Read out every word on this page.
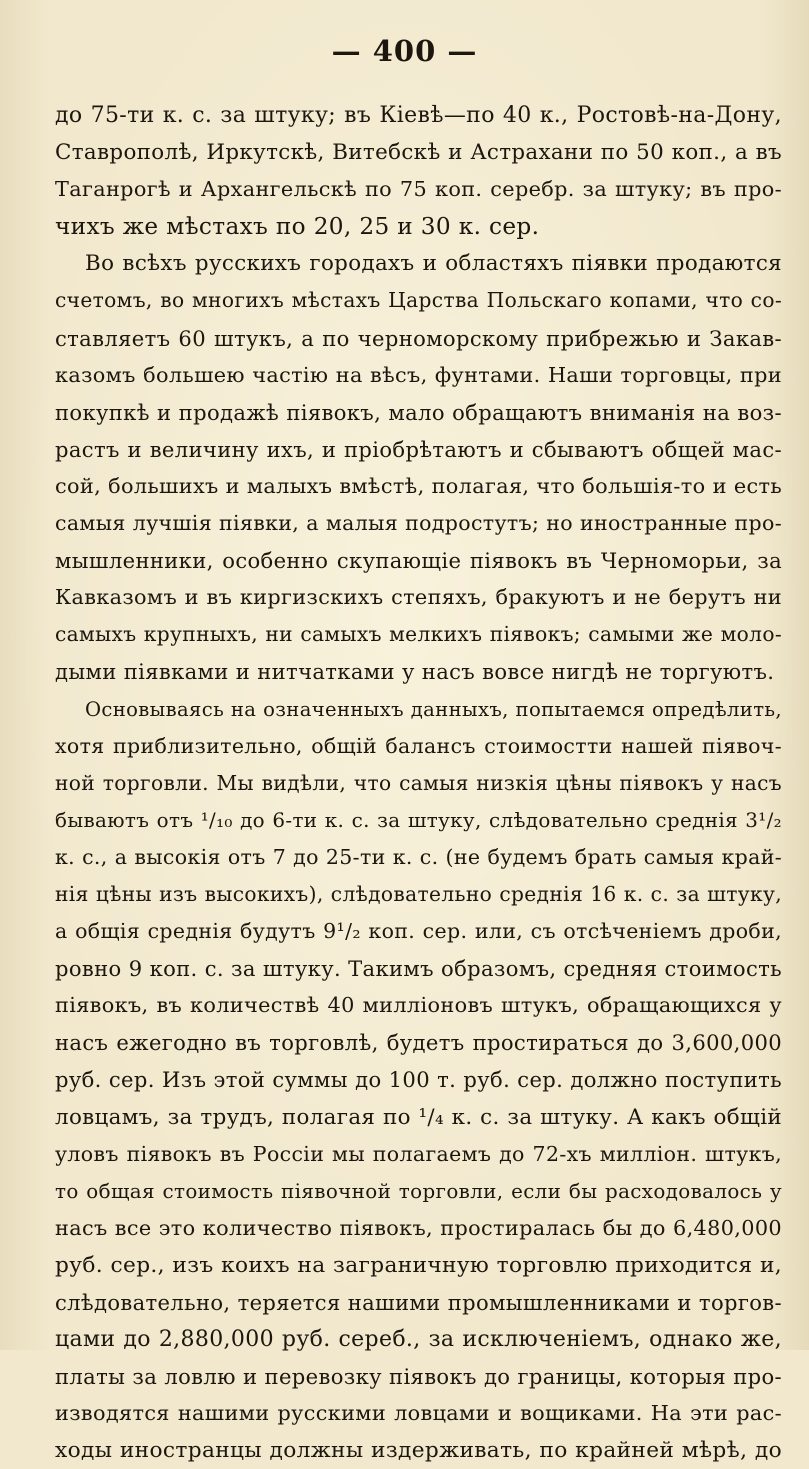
— 400 —
до 75-ти к. с. за штуку; въ Кіевѣ—по 40 к., Ростовѣ-на-Дону,
Ставрополѣ, Иркутскѣ, Витебскѣ и Астрахани по 50 коп., а въ
Таганрогѣ и Архангельскѣ по 75 коп. серебр. за штуку; въ про-
чихъ же мѣстахъ по 20, 25 и 30 к. сер.
Во всѣхъ русскихъ городахъ и областяхъ піявки продаются
счетомъ, во многихъ мѣстахъ Царства Польскаго копами, что со-
ставляетъ 60 штукъ, а по черноморскому прибрежью и Закав-
казомъ большею частію на вѣсъ, фунтами. Наши торговцы, при
покупкѣ и продажѣ піявокъ, мало обращаютъ вниманія на воз-
растъ и величину ихъ, и пріобрѣтаютъ и сбываютъ общей мас-
сой, большихъ и малыхъ вмѣстѣ, полагая, что большія-то и есть
самыя лучшія піявки, а малыя подростутъ; но иностранные про-
мышленники, особенно скупающіе піявокъ въ Черноморьи, за
Кавказомъ и въ киргизскихъ степяхъ, бракуютъ и не берутъ ни
самыхъ крупныхъ, ни самыхъ мелкихъ піявокъ; самыми же моло-
дыми піявками и нитчатками у насъ вовсе нигдѣ не торгуютъ.
Основываясь на означенныхъ данныхъ, попытаемся опредѣлить,
хотя приблизительно, общій балансъ стоимостти нашей піявоч-
ной торговли. Мы видѣли, что самыя низкія цѣны піявокъ у насъ
бываютъ отъ ¹/₁₀ до 6-ти к. с. за штуку, слѣдовательно среднія 3¹/₂
к. с., а высокія отъ 7 до 25-ти к. с. (не будемъ брать самыя край-
нія цѣны изъ высокихъ), слѣдовательно среднія 16 к. с. за штуку,
а общія среднія будутъ 9¹/₂ коп. сер. или, съ отсѣченіемъ дроби,
ровно 9 коп. с. за штуку. Такимъ образомъ, средняя стоимость
піявокъ, въ количествѣ 40 милліоновъ штукъ, обращающихся у
насъ ежегодно въ торговлѣ, будетъ простираться до 3,600,000
руб. сер. Изъ этой суммы до 100 т. руб. сер. должно поступить
ловцамъ, за трудъ, полагая по ¹/₄ к. с. за штуку. А какъ общій
уловъ піявокъ въ Россіи мы полагаемъ до 72-хъ милліон. штукъ,
то общая стоимость піявочной торговли, если бы расходовалось у
насъ все это количество піявокъ, простиралась бы до 6,480,000
руб. сер., изъ коихъ на заграничную торговлю приходится и,
слѣдовательно, теряется нашими промышленниками и торгов-
цами до 2,880,000 руб. сереб., за исключеніемъ, однако же,
платы за ловлю и перевозку піявокъ до границы, которыя про-
изводятся нашими русскими ловцами и вощиками. На эти рас-
ходы иностранцы должны издерживать, по крайней мѣрѣ, до
